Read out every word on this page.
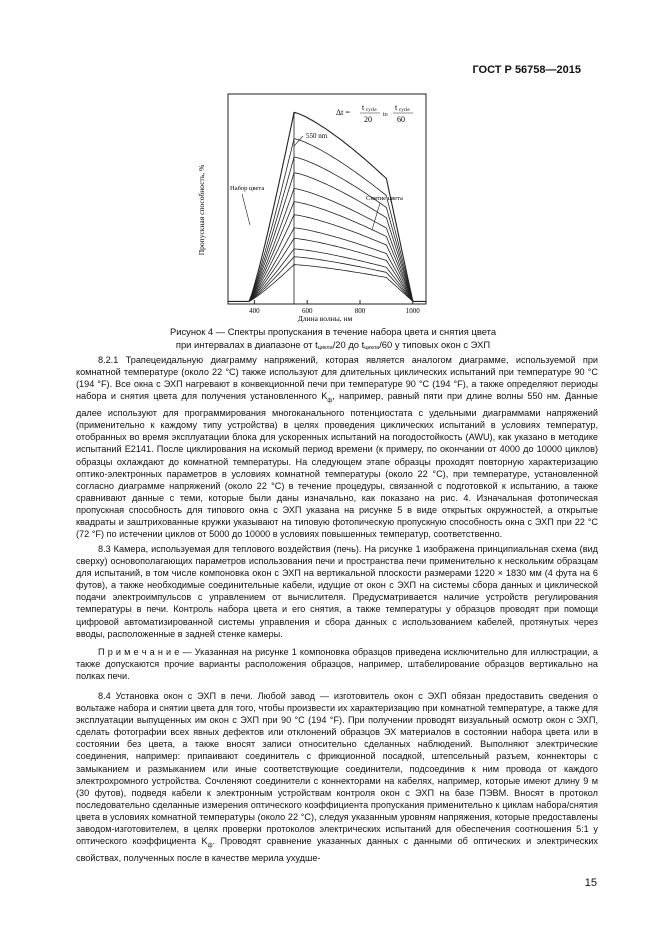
ГОСТ Р 56758—2015
400	600	800	1000
550 nm
Набор цвета
Снятие цвета
Δt =
t cycle
20 to
t cycle
60
Пропускная способность, %
Длина волны, нм
Рисунок 4 — Спектры пропускания в течение набора цвета и снятия цвета
при интервалах в диапазоне от $t_{цикла}/20$ до $t_{цикла}/60$ у типовых окон с ЭХП

8.2.1 Трапецеидальную диаграмму напряжений, которая является аналогом диаграмме, используемой при комнатной температуре (около 22 °С) также используют для длительных циклических испытаний при температуре 90 °С (194 °F). Все окна с ЭХП нагревают в конвекционной печи при температуре 90 °С (194 °F), а также определяют периоды набора и снятия цвета для получения установленного $K_ф$, например, равный пяти при длине волны 550 нм. Данные далее используют для программирования многоканального потенциостата с удельными диаграммами напряжений (применительно к каждому типу устройства) в целях проведения циклических испытаний в условиях температур, отобранных во время эксплуатации блока для ускоренных испытаний на погодостойкость (AWU), как указано в методике испытаний Е2141. После циклирования на искомый период времени (к примеру, по окончании от 4000 до 10000 циклов) образцы охлаждают до комнатной температуры. На следующем этапе образцы проходят повторную характеризацию оптико-электронных параметров в условиях комнатной температуры (около 22 °С), при температуре, установленной согласно диаграмме напряжений (около 22 °С) в течение процедуры, связанной с подготовкой к испытанию, а также сравнивают данные с теми, которые были даны изначально, как показано на рис. 4. Изначальная фотопическая пропускная способность для типового окна с ЭХП указана на рисунке 5 в виде открытых окружностей, а открытые квадраты и заштрихованные кружки указывают на типовую фотопическую пропускную способность окна с ЭХП при 22 °С (72 °F) по истечении циклов от 5000 до 10000 в условиях повышенных температур, соответственно.

8.3 Камера, используемая для теплового воздействия (печь). На рисунке 1 изображена принципиальная схема (вид сверху) основополагающих параметров использования печи и пространства печи применительно к нескольким образцам для испытаний, в том числе компоновка окон с ЭХП на вертикальной плоскости размерами 1220 × 1830 мм (4 фута на 6 футов), а также необходимые соединительные кабели, идущие от окон с ЭХП на системы сбора данных и циклической подачи электроимпульсов с управлением от вычислителя. Предусматривается наличие устройств регулирования температуры в печи. Контроль набора цвета и его снятия, а также температуры у образцов проводят при помощи цифровой автоматизированной системы управления и сбора данных с использованием кабелей, протянутых через вводы, расположенные в задней стенке камеры.

П р и м е ч а н и е — Указанная на рисунке 1 компоновка образцов приведена исключительно для иллюстрации, а также допускаются прочие варианты расположения образцов, например, штабелирование образцов вертикально на полках печи.

8.4 Установка окон с ЭХП в печи. Любой завод — изготовитель окон с ЭХП обязан предоставить сведения о вольтаже набора и снятии цвета для того, чтобы произвести их характеризацию при комнатной температуре, а также для эксплуатации выпущенных им окон с ЭХП при 90 °С (194 °F). При получении проводят визуальный осмотр окон с ЭХП, сделать фотографии всех явных дефектов или отклонений образцов ЭХ материалов в состоянии набора цвета или в состоянии без цвета, а также вносят записи относительно сделанных наблюдений. Выполняют электрические соединения, например: припаивают соединитель с фрикционной посадкой, штепсельный разъем, коннекторы с замыканием и размыканием или иные соответствующие соединители, подсоединив к ним провода от каждого электрохромного устройства. Сочленяют соединители с коннекторами на кабелях, например, которые имеют длину 9 м (30 футов), подведя кабели к электронным устройствам контроля окон с ЭХП на базе ПЭВМ. Вносят в протокол последовательно сделанные измерения оптического коэффициента пропускания применительно к циклам набора/снятия цвета в условиях комнатной температуры (около 22 °С), следуя указанным уровням напряжения, которые предоставлены заводом-изготовителем, в целях проверки протоколов электрических испытаний для обеспечения соотношения 5:1 у оптического коэффициента $K_ф$. Проводят сравнение указанных данных с данными об оптических и электрических свойствах, полученных после в качестве мерила ухудше-

15
